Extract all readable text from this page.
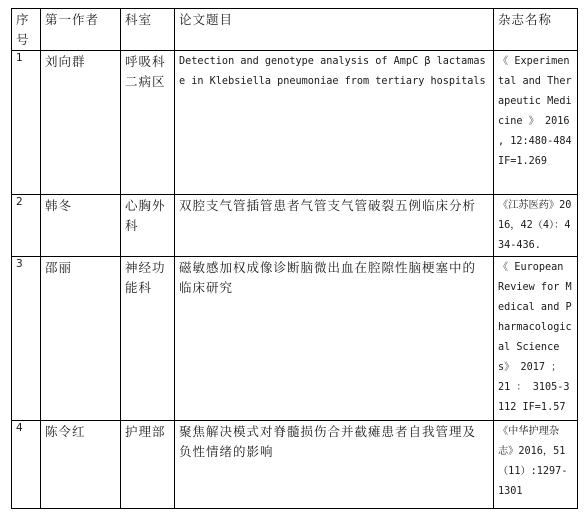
序号	第一作者	科室	论文题目	杂志名称
1	刘向群	呼吸科二病区	Detection and genotype analysis of AmpC β lactamase in Klebsiella pneumoniae from tertiary hospitals	《 Experimental and Therapeutic Medicine 》 2016 , 12:480-484 IF=1.269
2	韩冬	心胸外科	双腔支气管插管患者气管支气管破裂五例临床分析	《江苏医药》2016，42（4）：434-436.
3	邵丽	神经功能科	磁敏感加权成像诊断脑微出血在腔隙性脑梗塞中的临床研究	《 European Review for Medical and Pharmacological Sciences》 2017 ； 21 ： 3105-3112 IF=1.57
4	陈令红	护理部	聚焦解决模式对脊髓损伤合并截瘫患者自我管理及负性情绪的影响	《中华护理杂志》2016，51（11）:1297-1301
